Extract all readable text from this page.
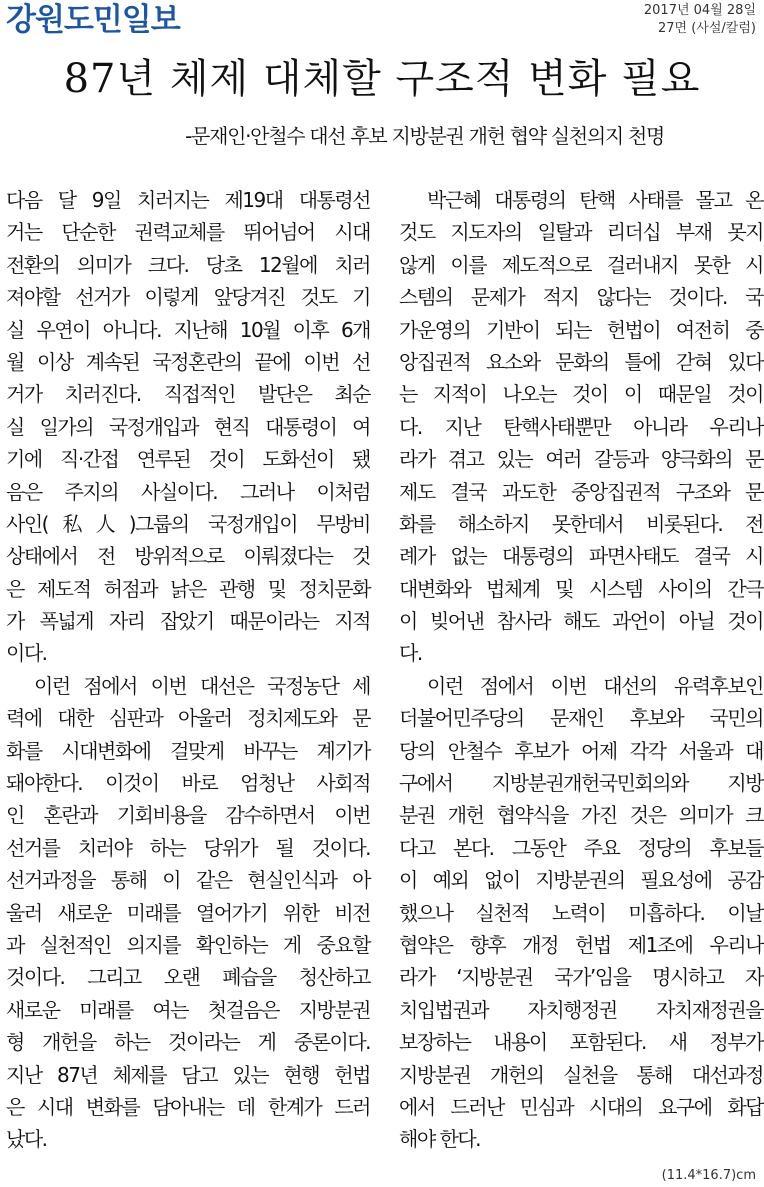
강원도민일보	2017년 04월 28일
27면 (사설/칼럼)
87년 체제 대체할 구조적 변화 필요
-문재인·안철수 대선 후보 지방분권 개헌 협약 실천의지 천명
다음 달 9일 치러지는 제19대 대통령선
거는 단순한 권력교체를 뛰어넘어 시대
전환의 의미가 크다. 당초 12월에 치러
져야할 선거가 이렇게 앞당겨진 것도 기
실 우연이 아니다. 지난해 10월 이후 6개
월 이상 계속된 국정혼란의 끝에 이번 선
거가 치러진다. 직접적인 발단은 최순
실 일가의 국정개입과 현직 대통령이 여
기에 직·간접 연루된 것이 도화선이 됐
음은 주지의 사실이다. 그러나 이처럼
사인(私人)그룹의 국정개입이 무방비
상태에서 전 방위적으로 이뤄졌다는 것
은 제도적 허점과 낡은 관행 및 정치문화
가 폭넓게 자리 잡았기 때문이라는 지적
이다.
이런 점에서 이번 대선은 국정농단 세
력에 대한 심판과 아울러 정치제도와 문
화를 시대변화에 걸맞게 바꾸는 계기가
돼야한다. 이것이 바로 엄청난 사회적
인 혼란과 기회비용을 감수하면서 이번
선거를 치러야 하는 당위가 될 것이다.
선거과정을 통해 이 같은 현실인식과 아
울러 새로운 미래를 열어가기 위한 비전
과 실천적인 의지를 확인하는 게 중요할
것이다. 그리고 오랜 폐습을 청산하고
새로운 미래를 여는 첫걸음은 지방분권
형 개헌을 하는 것이라는 게 중론이다.
지난 87년 체제를 담고 있는 현행 헌법
은 시대 변화를 담아내는 데 한계가 드러
났다.
박근혜 대통령의 탄핵 사태를 몰고 온
것도 지도자의 일탈과 리더십 부재 못지
않게 이를 제도적으로 걸러내지 못한 시
스템의 문제가 적지 않다는 것이다. 국
가운영의 기반이 되는 헌법이 여전히 중
앙집권적 요소와 문화의 틀에 갇혀 있다
는 지적이 나오는 것이 이 때문일 것이
다. 지난 탄핵사태뿐만 아니라 우리나
라가 겪고 있는 여러 갈등과 양극화의 문
제도 결국 과도한 중앙집권적 구조와 문
화를 해소하지 못한데서 비롯된다. 전
례가 없는 대통령의 파면사태도 결국 시
대변화와 법체계 및 시스템 사이의 간극
이 빚어낸 참사라 해도 과언이 아닐 것이
다.
이런 점에서 이번 대선의 유력후보인
더불어민주당의 문재인 후보와 국민의
당의 안철수 후보가 어제 각각 서울과 대
구에서 지방분권개헌국민회의와 지방
분권 개헌 협약식을 가진 것은 의미가 크
다고 본다. 그동안 주요 정당의 후보들
이 예외 없이 지방분권의 필요성에 공감
했으나 실천적 노력이 미흡하다. 이날
협약은 향후 개정 헌법 제1조에 우리나
라가 ‘지방분권 국가’임을 명시하고 자
치입법권과 자치행정권 자치재정권을
보장하는 내용이 포함된다. 새 정부가
지방분권 개헌의 실천을 통해 대선과정
에서 드러난 민심과 시대의 요구에 화답
해야 한다.
(11.4*16.7)cm
